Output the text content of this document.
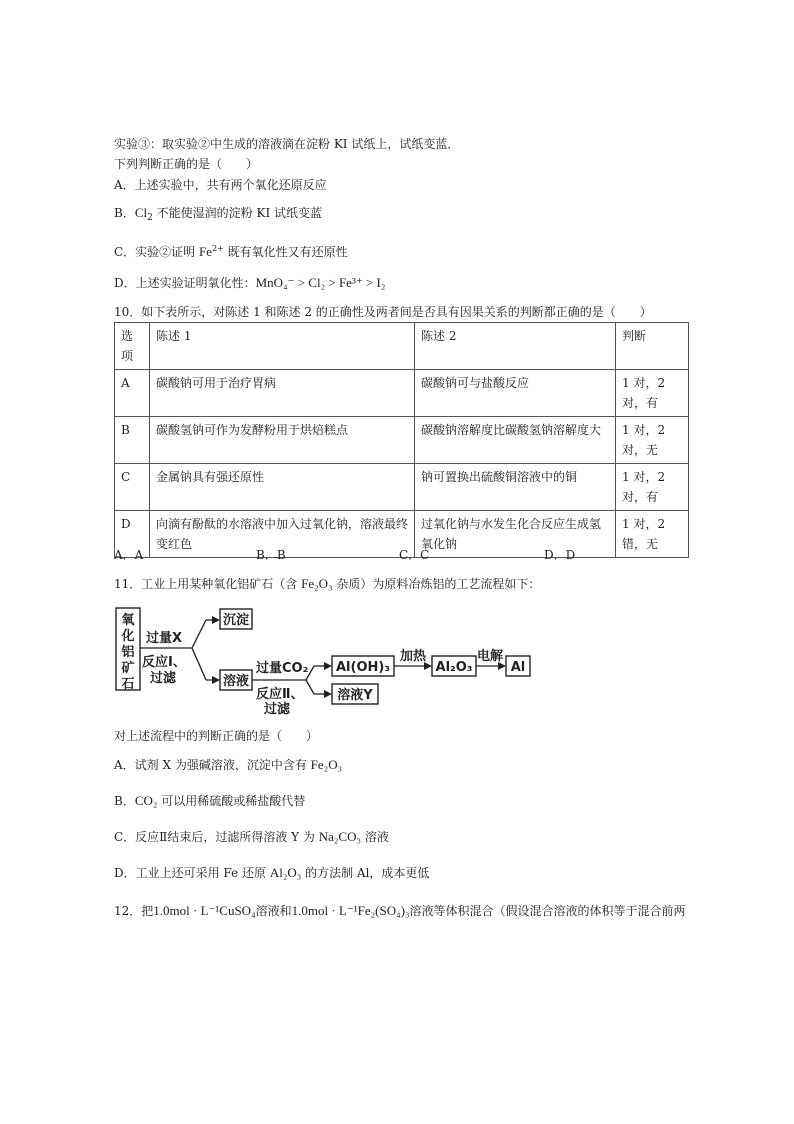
实验③：取实验②中生成的溶液滴在淀粉 KI 试纸上，试纸变蓝．
下列判断正确的是（　　）
A．上述实验中，共有两个氧化还原反应
B．$Cl_2$ 不能使湿润的淀粉 KI 试纸变蓝
C．实验②证明 $Fe^{2+}$ 既有氧化性又有还原性
D．上述实验证明氧化性：MnO₄⁻ > Cl₂ > Fe³⁺ > I₂
10．如下表所示，对陈述 1 和陈述 2 的正确性及两者间是否具有因果关系的判断都正确的是（　　）
选项	陈述 1	陈述 2	判断
A	碳酸钠可用于治疗胃病	碳酸钠可与盐酸反应	1 对，2 对，有
B	碳酸氢钠可作为发酵粉用于烘焙糕点	碳酸钠溶解度比碳酸氢钠溶解度大	1 对，2 对，无
C	金属钠具有强还原性	钠可置换出硫酸铜溶液中的铜	1 对，2 对，有
D	向滴有酚酞的水溶液中加入过氧化钠，溶液最终变红色	过氧化钠与水发生化合反应生成氢氧化钠	1 对，2 错，无
A．A	B．B	C．C	D．D
11．工业上用某种氧化铝矿石（含 Fe₂O₃ 杂质）为原料冶炼铝的工艺流程如下：
氧
化
铝
矿
石
过量X
反应Ⅰ、
过滤
沉淀
溶液
过量CO₂
反应Ⅱ、
过滤
Al(OH)₃
溶液Y
加热
Al₂O₃
电解
Al
对上述流程中的判断正确的是（　　）
A．试剂 X 为强碱溶液，沉淀中含有 Fe₂O₃
B．CO₂ 可以用稀硫酸或稀盐酸代替
C．反应Ⅱ结束后，过滤所得溶液 Y 为 Na₂CO₃ 溶液
D．工业上还可采用 Fe 还原 Al₂O₃ 的方法制 Al，成本更低
12．把1.0mol · L⁻¹CuSO₄溶液和1.0mol · L⁻¹Fe₂(SO₄)₃溶液等体积混合（假设混合溶液的体积等于混合前两
